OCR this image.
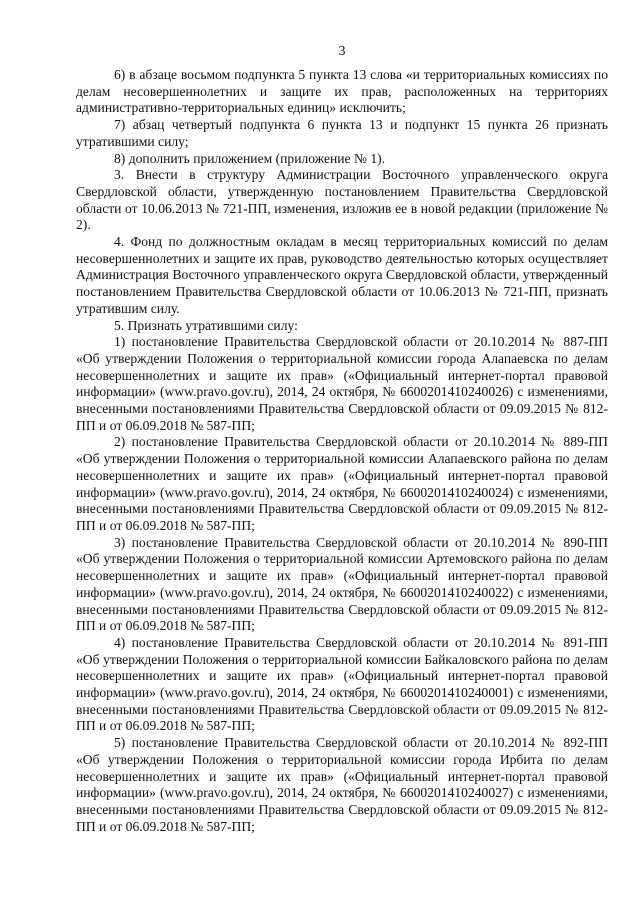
3

6) в абзаце восьмом подпункта 5 пункта 13 слова «и территориальных комиссиях по делам несовершеннолетних и защите их прав, расположенных на территориях административно-территориальных единиц» исключить;

7) абзац четвертый подпункта 6 пункта 13 и подпункт 15 пункта 26 признать утратившими силу;

8) дополнить приложением (приложение № 1).

3. Внести в структуру Администрации Восточного управленческого округа Свердловской области, утвержденную постановлением Правительства Свердловской области от 10.06.2013 № 721-ПП, изменения, изложив ее в новой редакции (приложение № 2).

4. Фонд по должностным окладам в месяц территориальных комиссий по делам несовершеннолетних и защите их прав, руководство деятельностью которых осуществляет Администрация Восточного управленческого округа Свердловской области, утвержденный постановлением Правительства Свердловской области от 10.06.2013 № 721-ПП, признать утратившим силу.

5. Признать утратившими силу:

1) постановление Правительства Свердловской области от 20.10.2014 № 887-ПП «Об утверждении Положения о территориальной комиссии города Алапаевска по делам несовершеннолетних и защите их прав» («Официальный интернет-портал правовой информации» (www.pravo.gov.ru), 2014, 24 октября, № 6600201410240026) с изменениями, внесенными постановлениями Правительства Свердловской области от 09.09.2015 № 812-ПП и от 06.09.2018 № 587-ПП;

2) постановление Правительства Свердловской области от 20.10.2014 № 889-ПП «Об утверждении Положения о территориальной комиссии Алапаевского района по делам несовершеннолетних и защите их прав» («Официальный интернет-портал правовой информации» (www.pravo.gov.ru), 2014, 24 октября, № 6600201410240024) с изменениями, внесенными постановлениями Правительства Свердловской области от 09.09.2015 № 812-ПП и от 06.09.2018 № 587-ПП;

3) постановление Правительства Свердловской области от 20.10.2014 № 890-ПП «Об утверждении Положения о территориальной комиссии Артемовского района по делам несовершеннолетних и защите их прав» («Официальный интернет-портал правовой информации» (www.pravo.gov.ru), 2014, 24 октября, № 6600201410240022) с изменениями, внесенными постановлениями Правительства Свердловской области от 09.09.2015 № 812-ПП и от 06.09.2018 № 587-ПП;

4) постановление Правительства Свердловской области от 20.10.2014 № 891-ПП «Об утверждении Положения о территориальной комиссии Байкаловского района по делам несовершеннолетних и защите их прав» («Официальный интернет-портал правовой информации» (www.pravo.gov.ru), 2014, 24 октября, № 6600201410240001) с изменениями, внесенными постановлениями Правительства Свердловской области от 09.09.2015 № 812-ПП и от 06.09.2018 № 587-ПП;

5) постановление Правительства Свердловской области от 20.10.2014 № 892-ПП «Об утверждении Положения о территориальной комиссии города Ирбита по делам несовершеннолетних и защите их прав» («Официальный интернет-портал правовой информации» (www.pravo.gov.ru), 2014, 24 октября, № 6600201410240027) с изменениями, внесенными постановлениями Правительства Свердловской области от 09.09.2015 № 812-ПП и от 06.09.2018 № 587-ПП;
